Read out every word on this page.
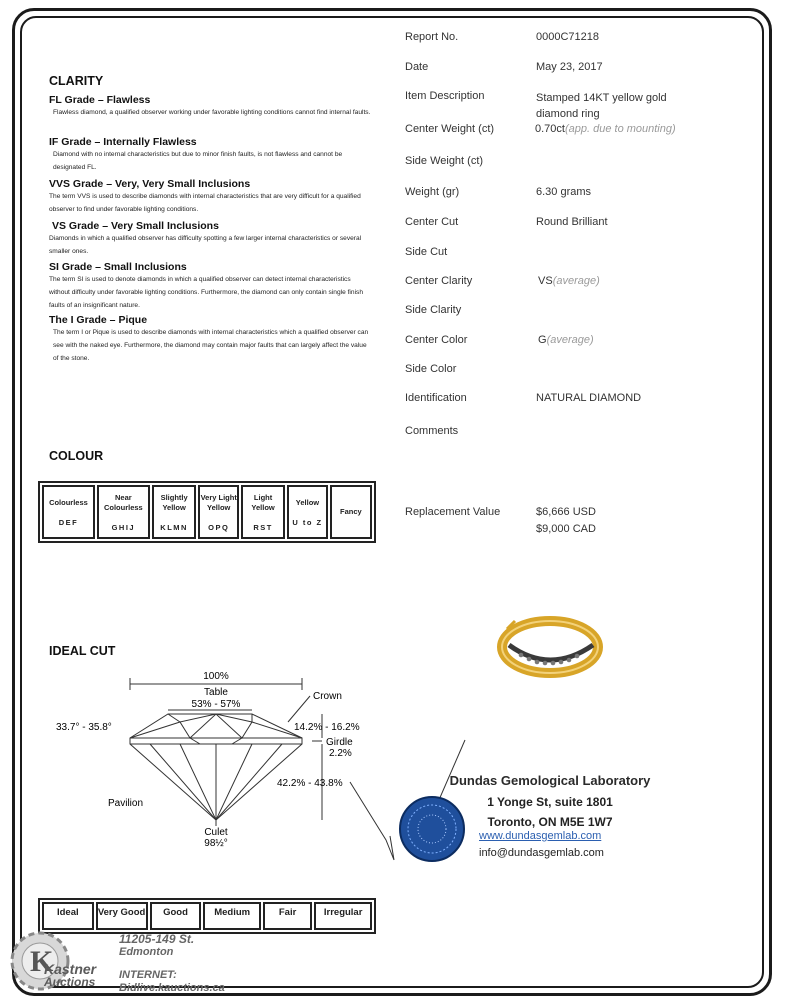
CLARITY
FL Grade – Flawless
Flawless diamond, a qualified observer working under favorable lighting conditions cannot find internal faults.
IF Grade – Internally Flawless
Diamond with no internal characteristics but due to minor finish faults, is not flawless and cannot be designated FL.
VVS Grade – Very, Very Small Inclusions
The term VVS is used to describe diamonds with internal characteristics that are very difficult for a qualified observer to find under favorable lighting conditions.
VS Grade – Very Small Inclusions
Diamonds in which a qualified observer has difficulty spotting a few larger internal characteristics or several smaller ones.
SI Grade – Small Inclusions
The term SI is used to denote diamonds in which a qualified observer can detect internal characteristics without difficulty under favorable lighting conditions. Furthermore, the diamond can only contain single finish faults of an insignificant nature.
The I Grade – Pique
The term I or Pique is used to describe diamonds with internal characteristics which a qualified observer can see with the naked eye. Furthermore, the diamond may contain major faults that can largely affect the value of the stone.
COLOUR
Colourless
DEF

Near Colourless
GHIJ

Slightly Yellow
KLMN

Very Light Yellow
OPQ

Light Yellow
RST

Yellow
U to Z

Fancy
IDEAL CUT
100%
Table
53% - 57%
Crown
33.7° - 35.8°	14.2% - 16.2%
Girdle
2.2%
42.2% - 43.8%
Pavilion
Culet
98½°
Ideal	Very Good	Good	Medium	Fair	Irregular
Report No.	0000C71218
Date	May 23, 2017
Item Description	Stamped 14KT yellow gold diamond ring
Center Weight (ct)	0.70ct(app. due to mounting)
Side Weight (ct)
Weight (gr)	6.30 grams
Center Cut	Round Brilliant
Side Cut
Center Clarity	VS(average)
Side Clarity
Center Color	G(average)
Side Color
Identification	NATURAL DIAMOND
Comments
Replacement Value	$6,666 USD
$9,000 CAD
Dundas Gemological Laboratory
1 Yonge St, suite 1801
Toronto, ON M5E 1W7
www.dundasgemlab.com
info@dundasgemlab.com
K
Kastner
Auctions
11205-149 St.
Edmonton
INTERNET:
Bidlive.kauctions.ca
